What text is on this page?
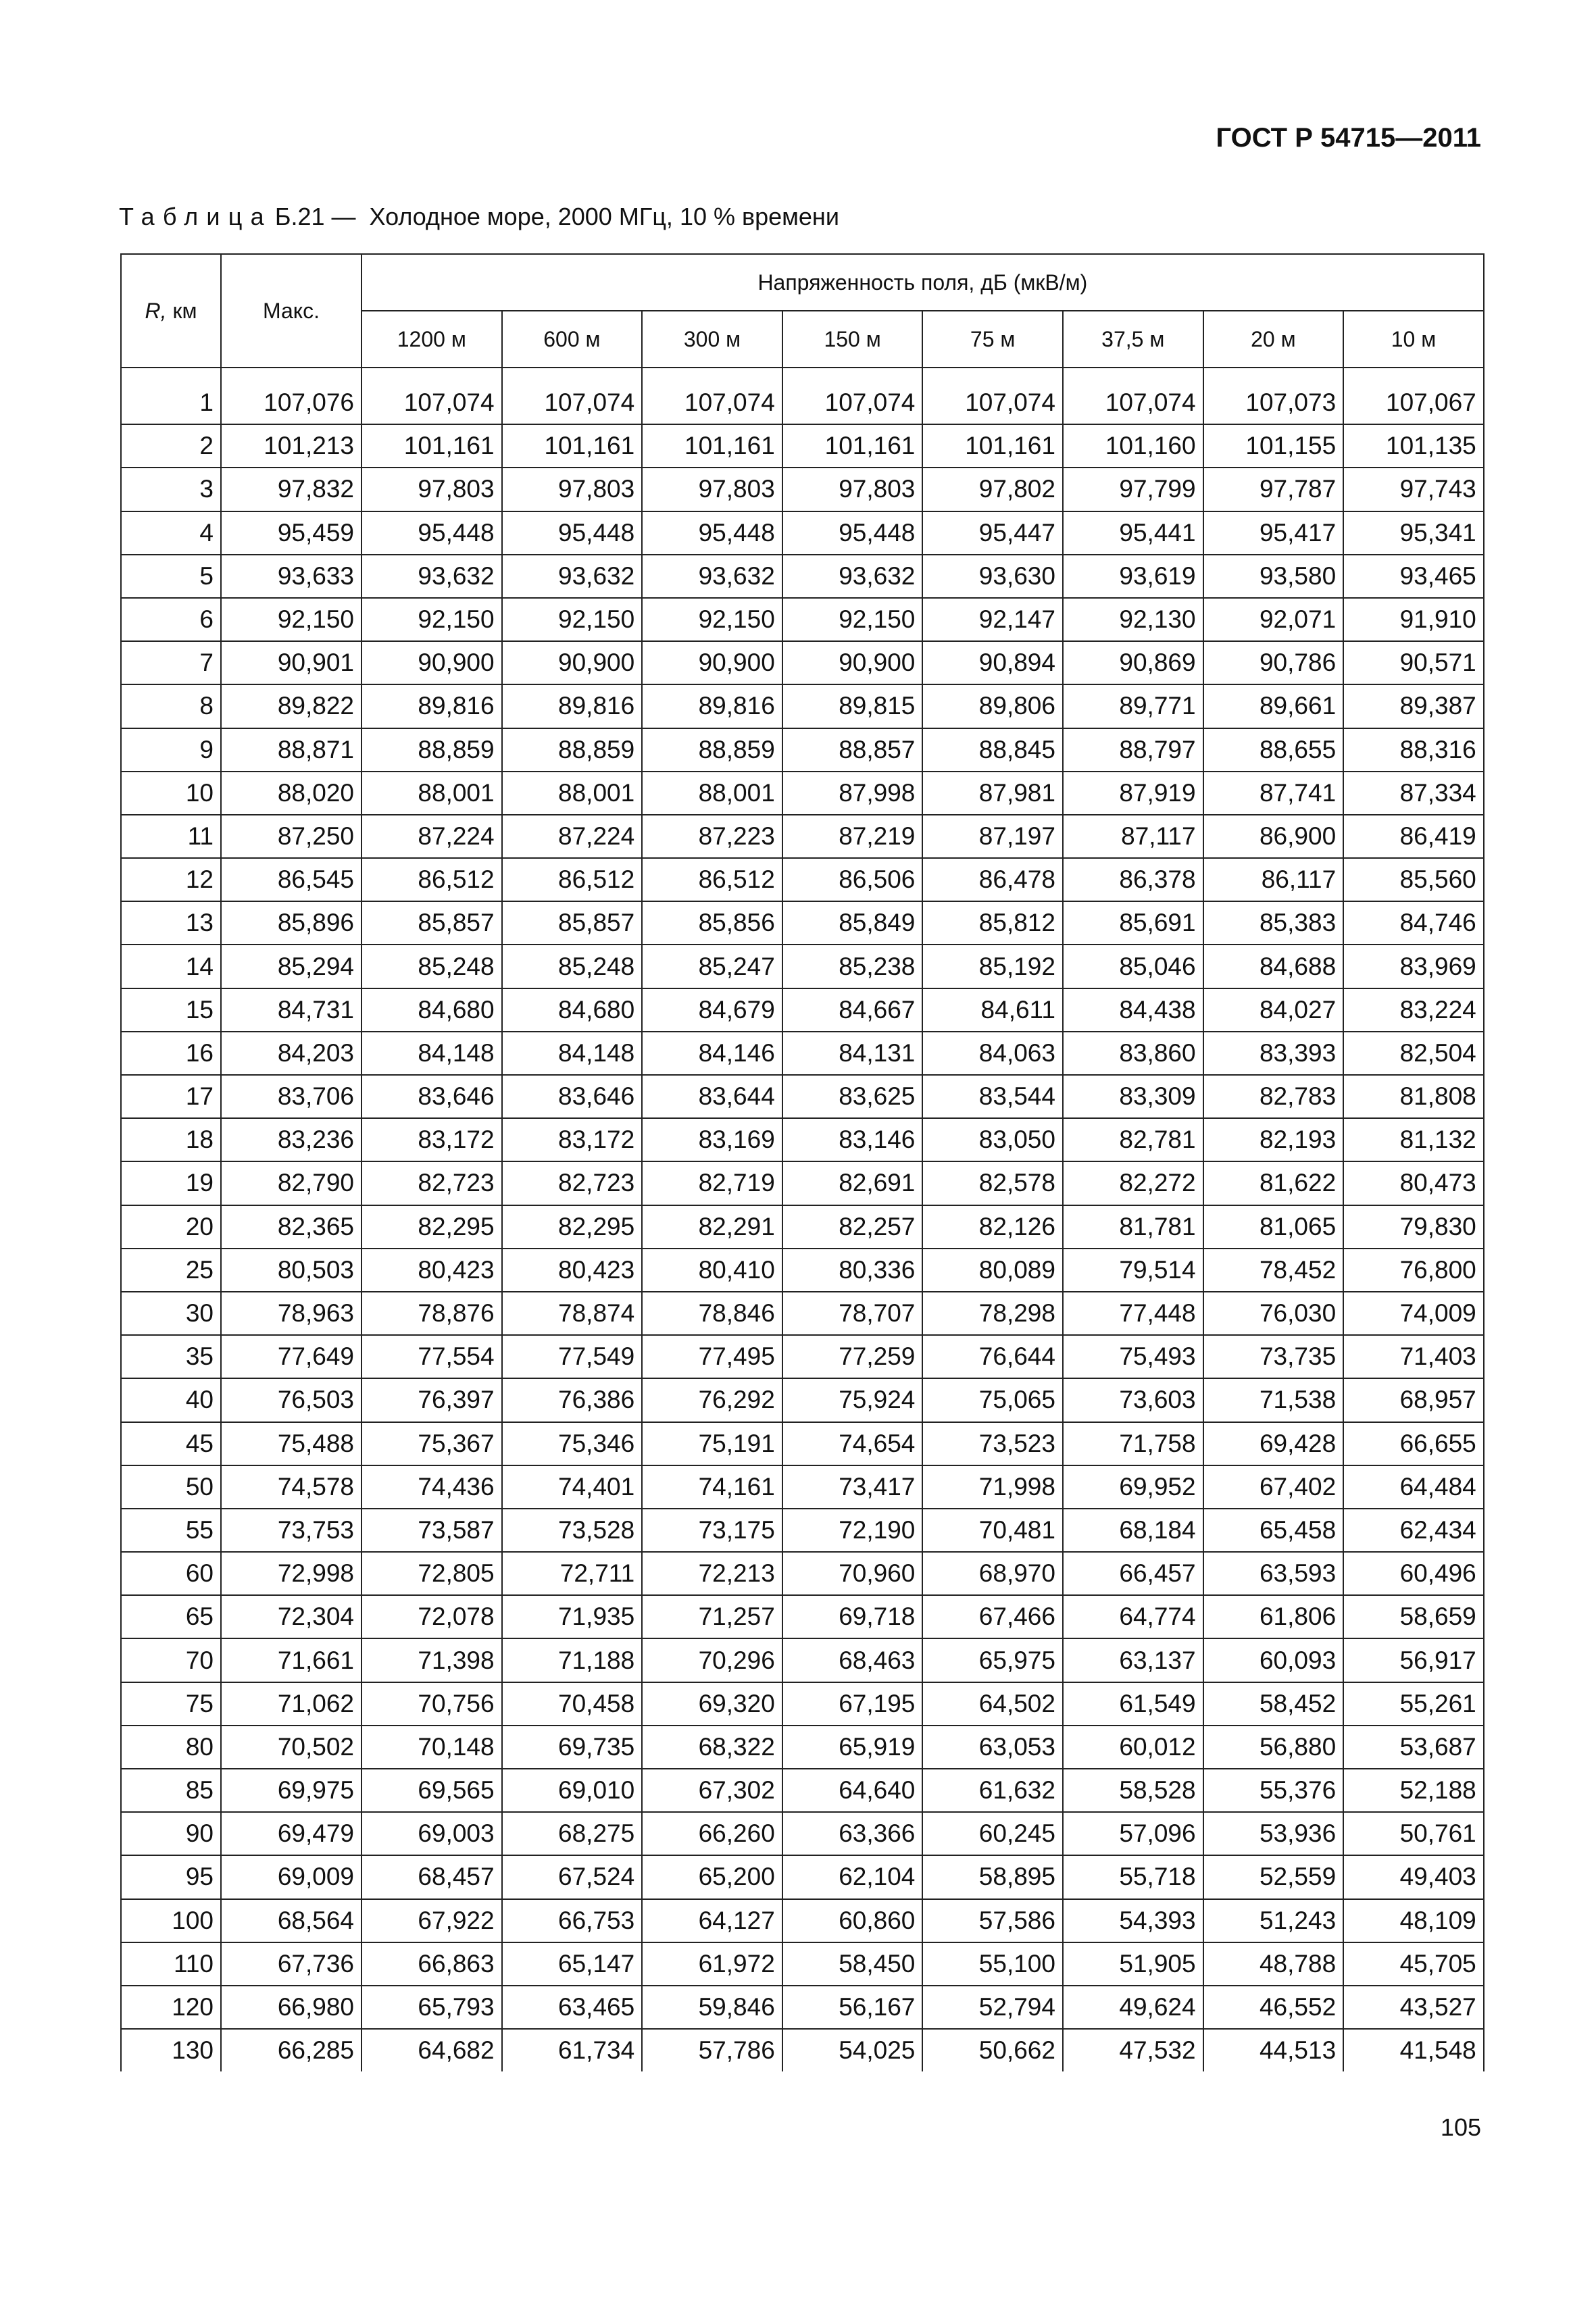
ГОСТ Р 54715—2011
Таблица Б.21 — Холодное море, 2000 МГц, 10 % времени
R, км	Макс.	Напряженность поля, дБ (мкВ/м)							
		1200 м	600 м	300 м	150 м	75 м	37,5 м	20 м	10 м

1	107,076	107,074	107,074	107,074	107,074	107,074	107,074	107,073	107,067
2	101,213	101,161	101,161	101,161	101,161	101,161	101,160	101,155	101,135
3	97,832	97,803	97,803	97,803	97,803	97,802	97,799	97,787	97,743
4	95,459	95,448	95,448	95,448	95,448	95,447	95,441	95,417	95,341
5	93,633	93,632	93,632	93,632	93,632	93,630	93,619	93,580	93,465
6	92,150	92,150	92,150	92,150	92,150	92,147	92,130	92,071	91,910
7	90,901	90,900	90,900	90,900	90,900	90,894	90,869	90,786	90,571
8	89,822	89,816	89,816	89,816	89,815	89,806	89,771	89,661	89,387
9	88,871	88,859	88,859	88,859	88,857	88,845	88,797	88,655	88,316
10	88,020	88,001	88,001	88,001	87,998	87,981	87,919	87,741	87,334
11	87,250	87,224	87,224	87,223	87,219	87,197	87,117	86,900	86,419
12	86,545	86,512	86,512	86,512	86,506	86,478	86,378	86,117	85,560
13	85,896	85,857	85,857	85,856	85,849	85,812	85,691	85,383	84,746
14	85,294	85,248	85,248	85,247	85,238	85,192	85,046	84,688	83,969
15	84,731	84,680	84,680	84,679	84,667	84,611	84,438	84,027	83,224
16	84,203	84,148	84,148	84,146	84,131	84,063	83,860	83,393	82,504
17	83,706	83,646	83,646	83,644	83,625	83,544	83,309	82,783	81,808
18	83,236	83,172	83,172	83,169	83,146	83,050	82,781	82,193	81,132
19	82,790	82,723	82,723	82,719	82,691	82,578	82,272	81,622	80,473
20	82,365	82,295	82,295	82,291	82,257	82,126	81,781	81,065	79,830
25	80,503	80,423	80,423	80,410	80,336	80,089	79,514	78,452	76,800
30	78,963	78,876	78,874	78,846	78,707	78,298	77,448	76,030	74,009
35	77,649	77,554	77,549	77,495	77,259	76,644	75,493	73,735	71,403
40	76,503	76,397	76,386	76,292	75,924	75,065	73,603	71,538	68,957
45	75,488	75,367	75,346	75,191	74,654	73,523	71,758	69,428	66,655
50	74,578	74,436	74,401	74,161	73,417	71,998	69,952	67,402	64,484
55	73,753	73,587	73,528	73,175	72,190	70,481	68,184	65,458	62,434
60	72,998	72,805	72,711	72,213	70,960	68,970	66,457	63,593	60,496
65	72,304	72,078	71,935	71,257	69,718	67,466	64,774	61,806	58,659
70	71,661	71,398	71,188	70,296	68,463	65,975	63,137	60,093	56,917
75	71,062	70,756	70,458	69,320	67,195	64,502	61,549	58,452	55,261
80	70,502	70,148	69,735	68,322	65,919	63,053	60,012	56,880	53,687
85	69,975	69,565	69,010	67,302	64,640	61,632	58,528	55,376	52,188
90	69,479	69,003	68,275	66,260	63,366	60,245	57,096	53,936	50,761
95	69,009	68,457	67,524	65,200	62,104	58,895	55,718	52,559	49,403
100	68,564	67,922	66,753	64,127	60,860	57,586	54,393	51,243	48,109
110	67,736	66,863	65,147	61,972	58,450	55,100	51,905	48,788	45,705
120	66,980	65,793	63,465	59,846	56,167	52,794	49,624	46,552	43,527
130	66,285	64,682	61,734	57,786	54,025	50,662	47,532	44,513	41,548
105
